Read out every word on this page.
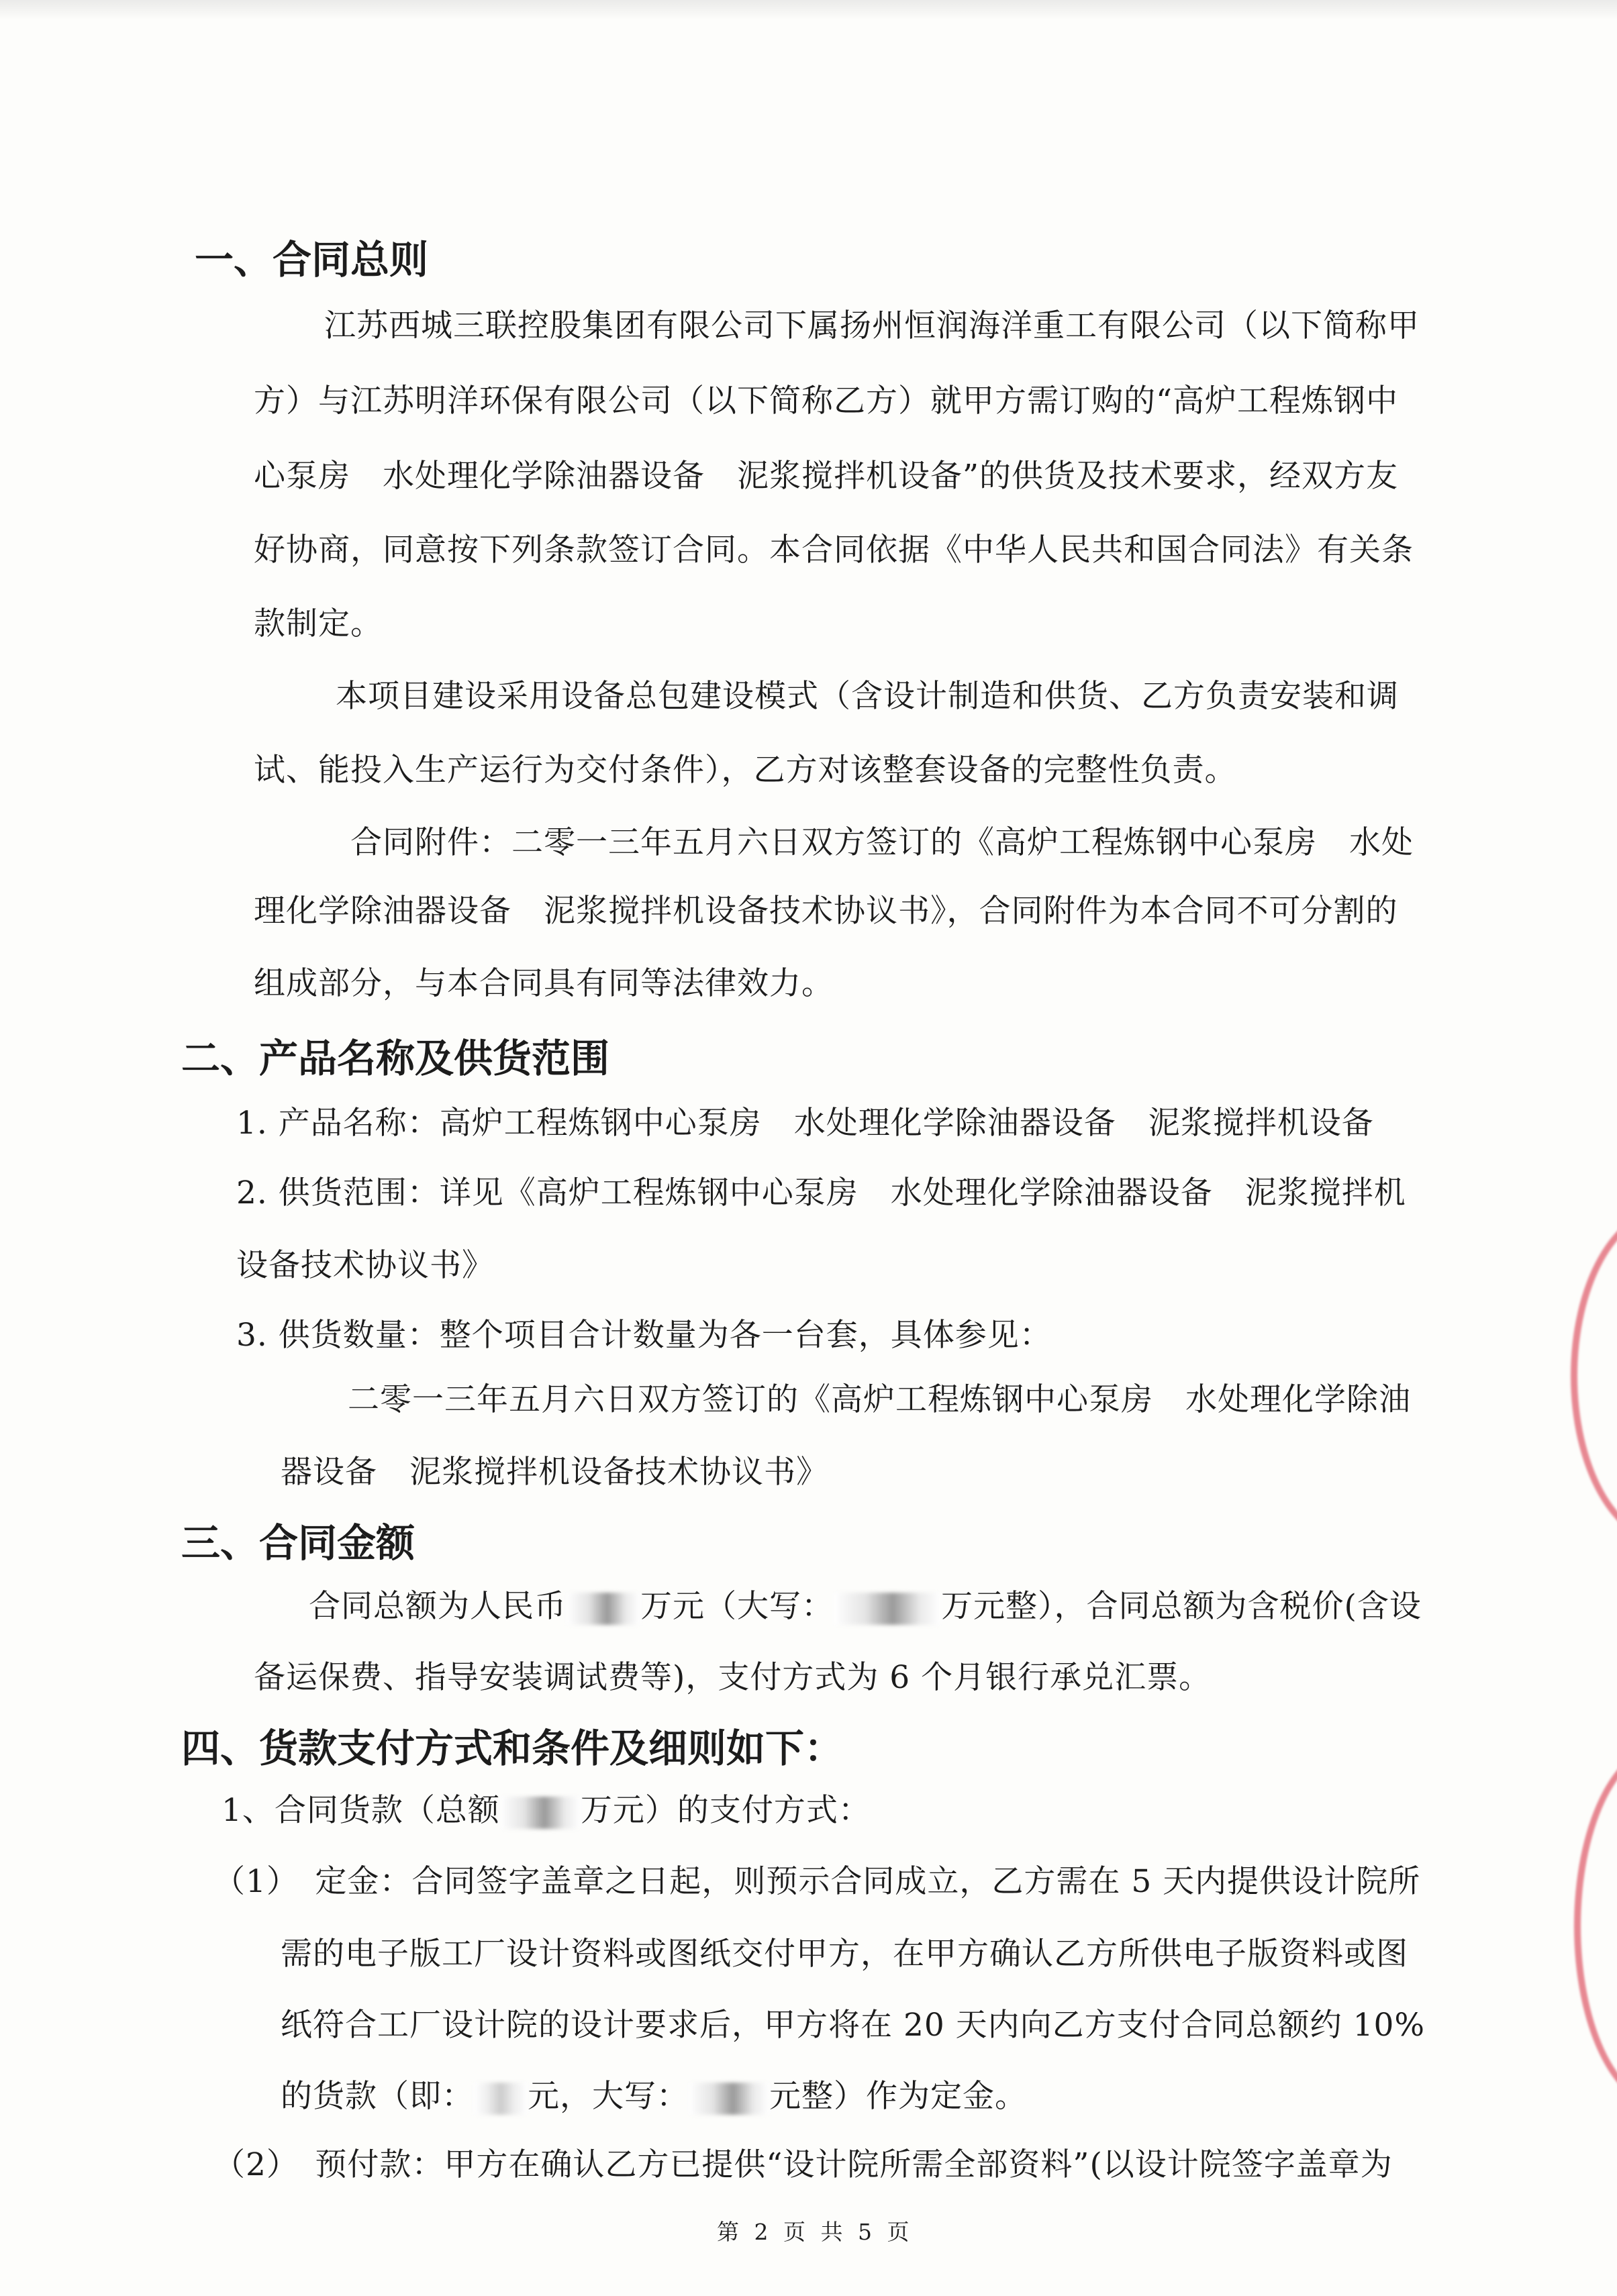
一、合同总则
江苏西城三联控股集团有限公司下属扬州恒润海洋重工有限公司（以下简称甲
方）与江苏明洋环保有限公司（以下简称乙方）就甲方需订购的“高炉工程炼钢中
心泵房　水处理化学除油器设备　泥浆搅拌机设备”的供货及技术要求，经双方友
好协商，同意按下列条款签订合同。本合同依据《中华人民共和国合同法》有关条
款制定。
本项目建设采用设备总包建设模式（含设计制造和供货、乙方负责安装和调
试、能投入生产运行为交付条件），乙方对该整套设备的完整性负责。
合同附件：二零一三年五月六日双方签订的《高炉工程炼钢中心泵房　水处
理化学除油器设备　泥浆搅拌机设备技术协议书》，合同附件为本合同不可分割的
组成部分，与本合同具有同等法律效力。
二、产品名称及供货范围
1. 产品名称：高炉工程炼钢中心泵房　水处理化学除油器设备　泥浆搅拌机设备
2. 供货范围：详见《高炉工程炼钢中心泵房　水处理化学除油器设备　泥浆搅拌机
设备技术协议书》
3. 供货数量：整个项目合计数量为各一台套，具体参见：
二零一三年五月六日双方签订的《高炉工程炼钢中心泵房　水处理化学除油
器设备　泥浆搅拌机设备技术协议书》
三、合同金额
合同总额为人民币 万元（大写：	万元整），合同总额为含税价(含设
备运保费、指导安装调试费等)，支付方式为 6 个月银行承兑汇票。
四、货款支付方式和条件及细则如下：
1、合同货款（总额	万元）的支付方式：
（1）　定金：合同签字盖章之日起，则预示合同成立，乙方需在 5 天内提供设计院所
需的电子版工厂设计资料或图纸交付甲方，在甲方确认乙方所供电子版资料或图
纸符合工厂设计院的设计要求后，甲方将在 20 天内向乙方支付合同总额约 10%
的货款（即： 元，大写：	元整）作为定金。
（2）　预付款：甲方在确认乙方已提供“设计院所需全部资料”(以设计院签字盖章为
第 2 页 共 5 页
